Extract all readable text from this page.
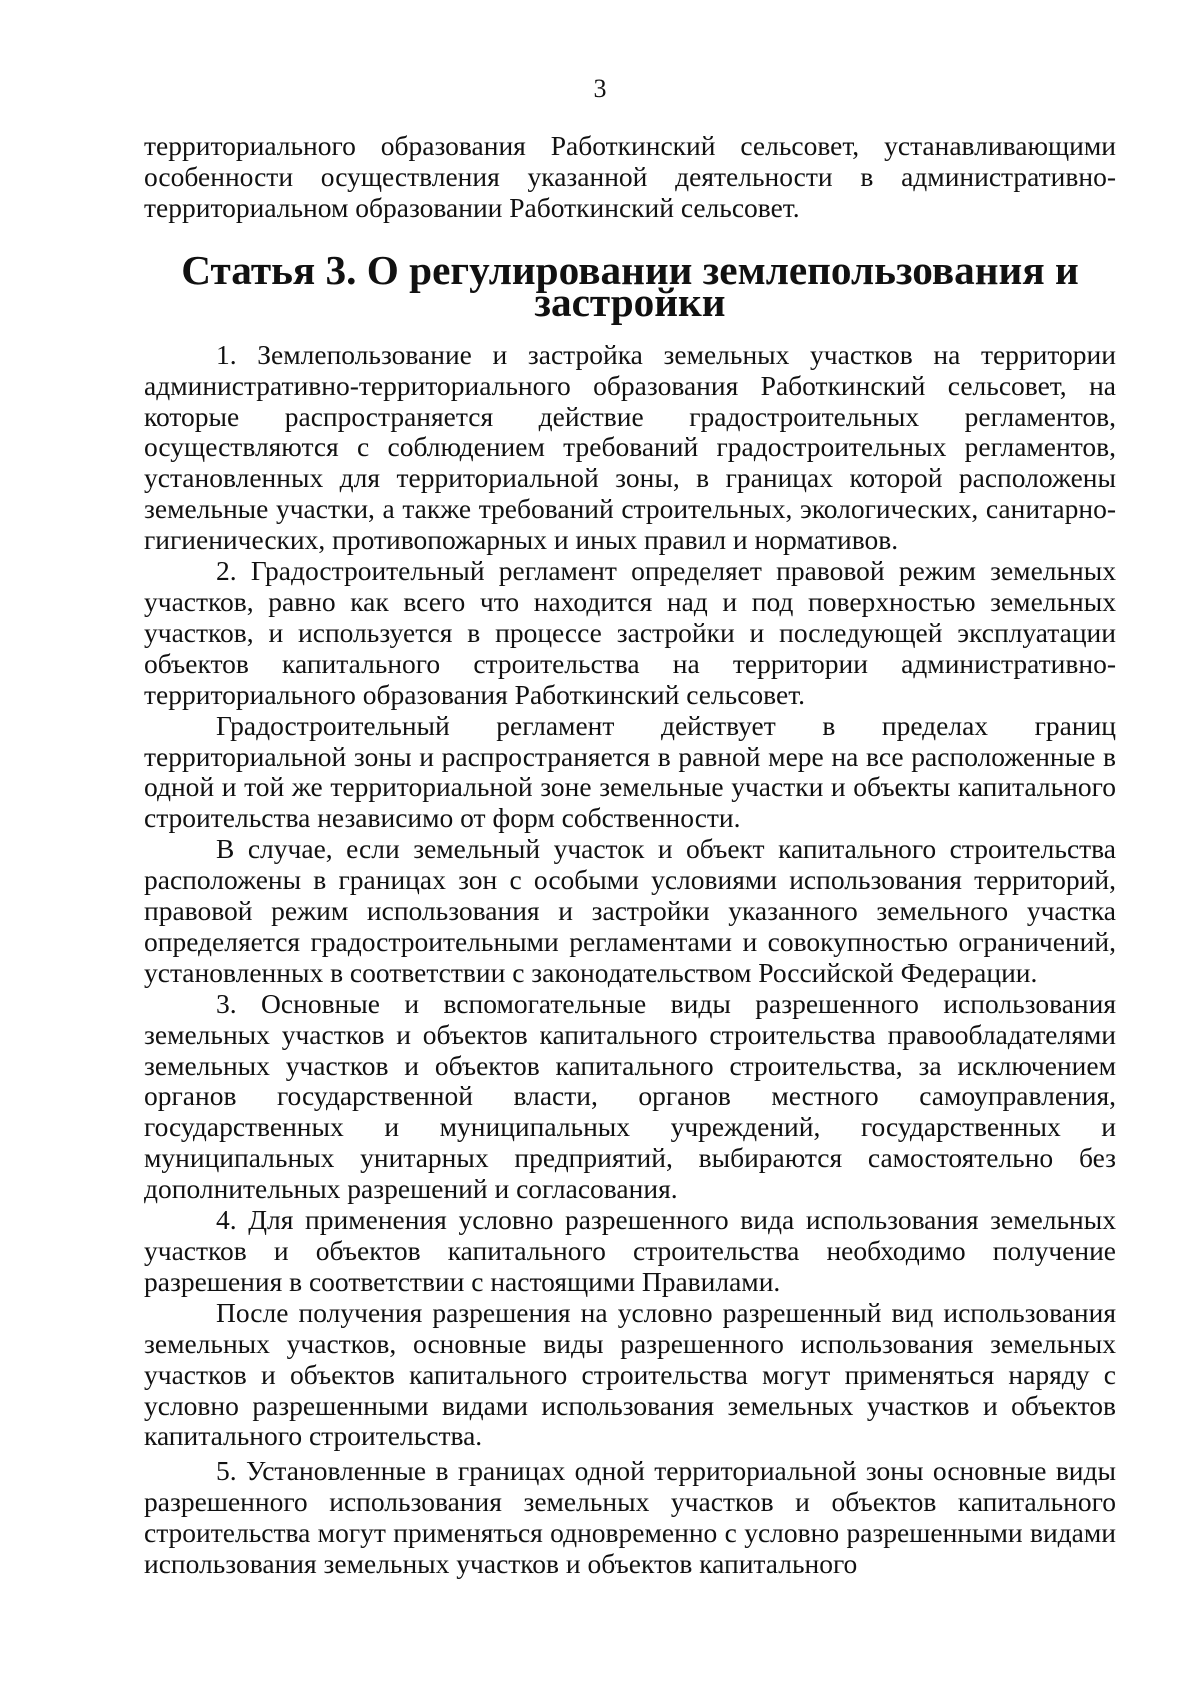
3

территориального образования Работкинский сельсовет, устанавливающими особенности осуществления указанной деятельности в административно-территориальном образовании Работкинский сельсовет.

Статья 3. О регулировании землепользования и застройки

1. Землепользование и застройка земельных участков на территории административно-территориального образования Работкинский сельсовет, на которые распространяется действие градостроительных регламентов, осуществляются с соблюдением требований градостроительных регламентов, установленных для территориальной зоны, в границах которой расположены земельные участки, а также требований строительных, экологических, санитарно-гигиенических, противопожарных и иных правил и нормативов.

2. Градостроительный регламент определяет правовой режим земельных участков, равно как всего что находится над и под поверхностью земельных участков, и используется в процессе застройки и последующей эксплуатации объектов капитального строительства на территории административно-территориального образования Работкинский сельсовет.

Градостроительный регламент действует в пределах границ территориальной зоны и распространяется в равной мере на все расположенные в одной и той же территориальной зоне земельные участки и объекты капитального строительства независимо от форм собственности.

В случае, если земельный участок и объект капитального строительства расположены в границах зон с особыми условиями использования территорий, правовой режим использования и застройки указанного земельного участка определяется градостроительными регламентами и совокупностью ограничений, установленных в соответствии с законодательством Российской Федерации.

3. Основные и вспомогательные виды разрешенного использования земельных участков и объектов капитального строительства правообладателями земельных участков и объектов капитального строительства, за исключением органов государственной власти, органов местного самоуправления, государственных и муниципальных учреждений, государственных и муниципальных унитарных предприятий, выбираются самостоятельно без дополнительных разрешений и согласования.

4. Для применения условно разрешенного вида использования земельных участков и объектов капитального строительства необходимо получение разрешения в соответствии с настоящими Правилами.

После получения разрешения на условно разрешенный вид использования земельных участков, основные виды разрешенного использования земельных участков и объектов капитального строительства могут применяться наряду с условно разрешенными видами использования земельных участков и объектов капитального строительства.

5. Установленные в границах одной территориальной зоны основные виды разрешенного использования земельных участков и объектов капитального строительства могут применяться одновременно с условно разрешенными видами использования земельных участков и объектов капитального
